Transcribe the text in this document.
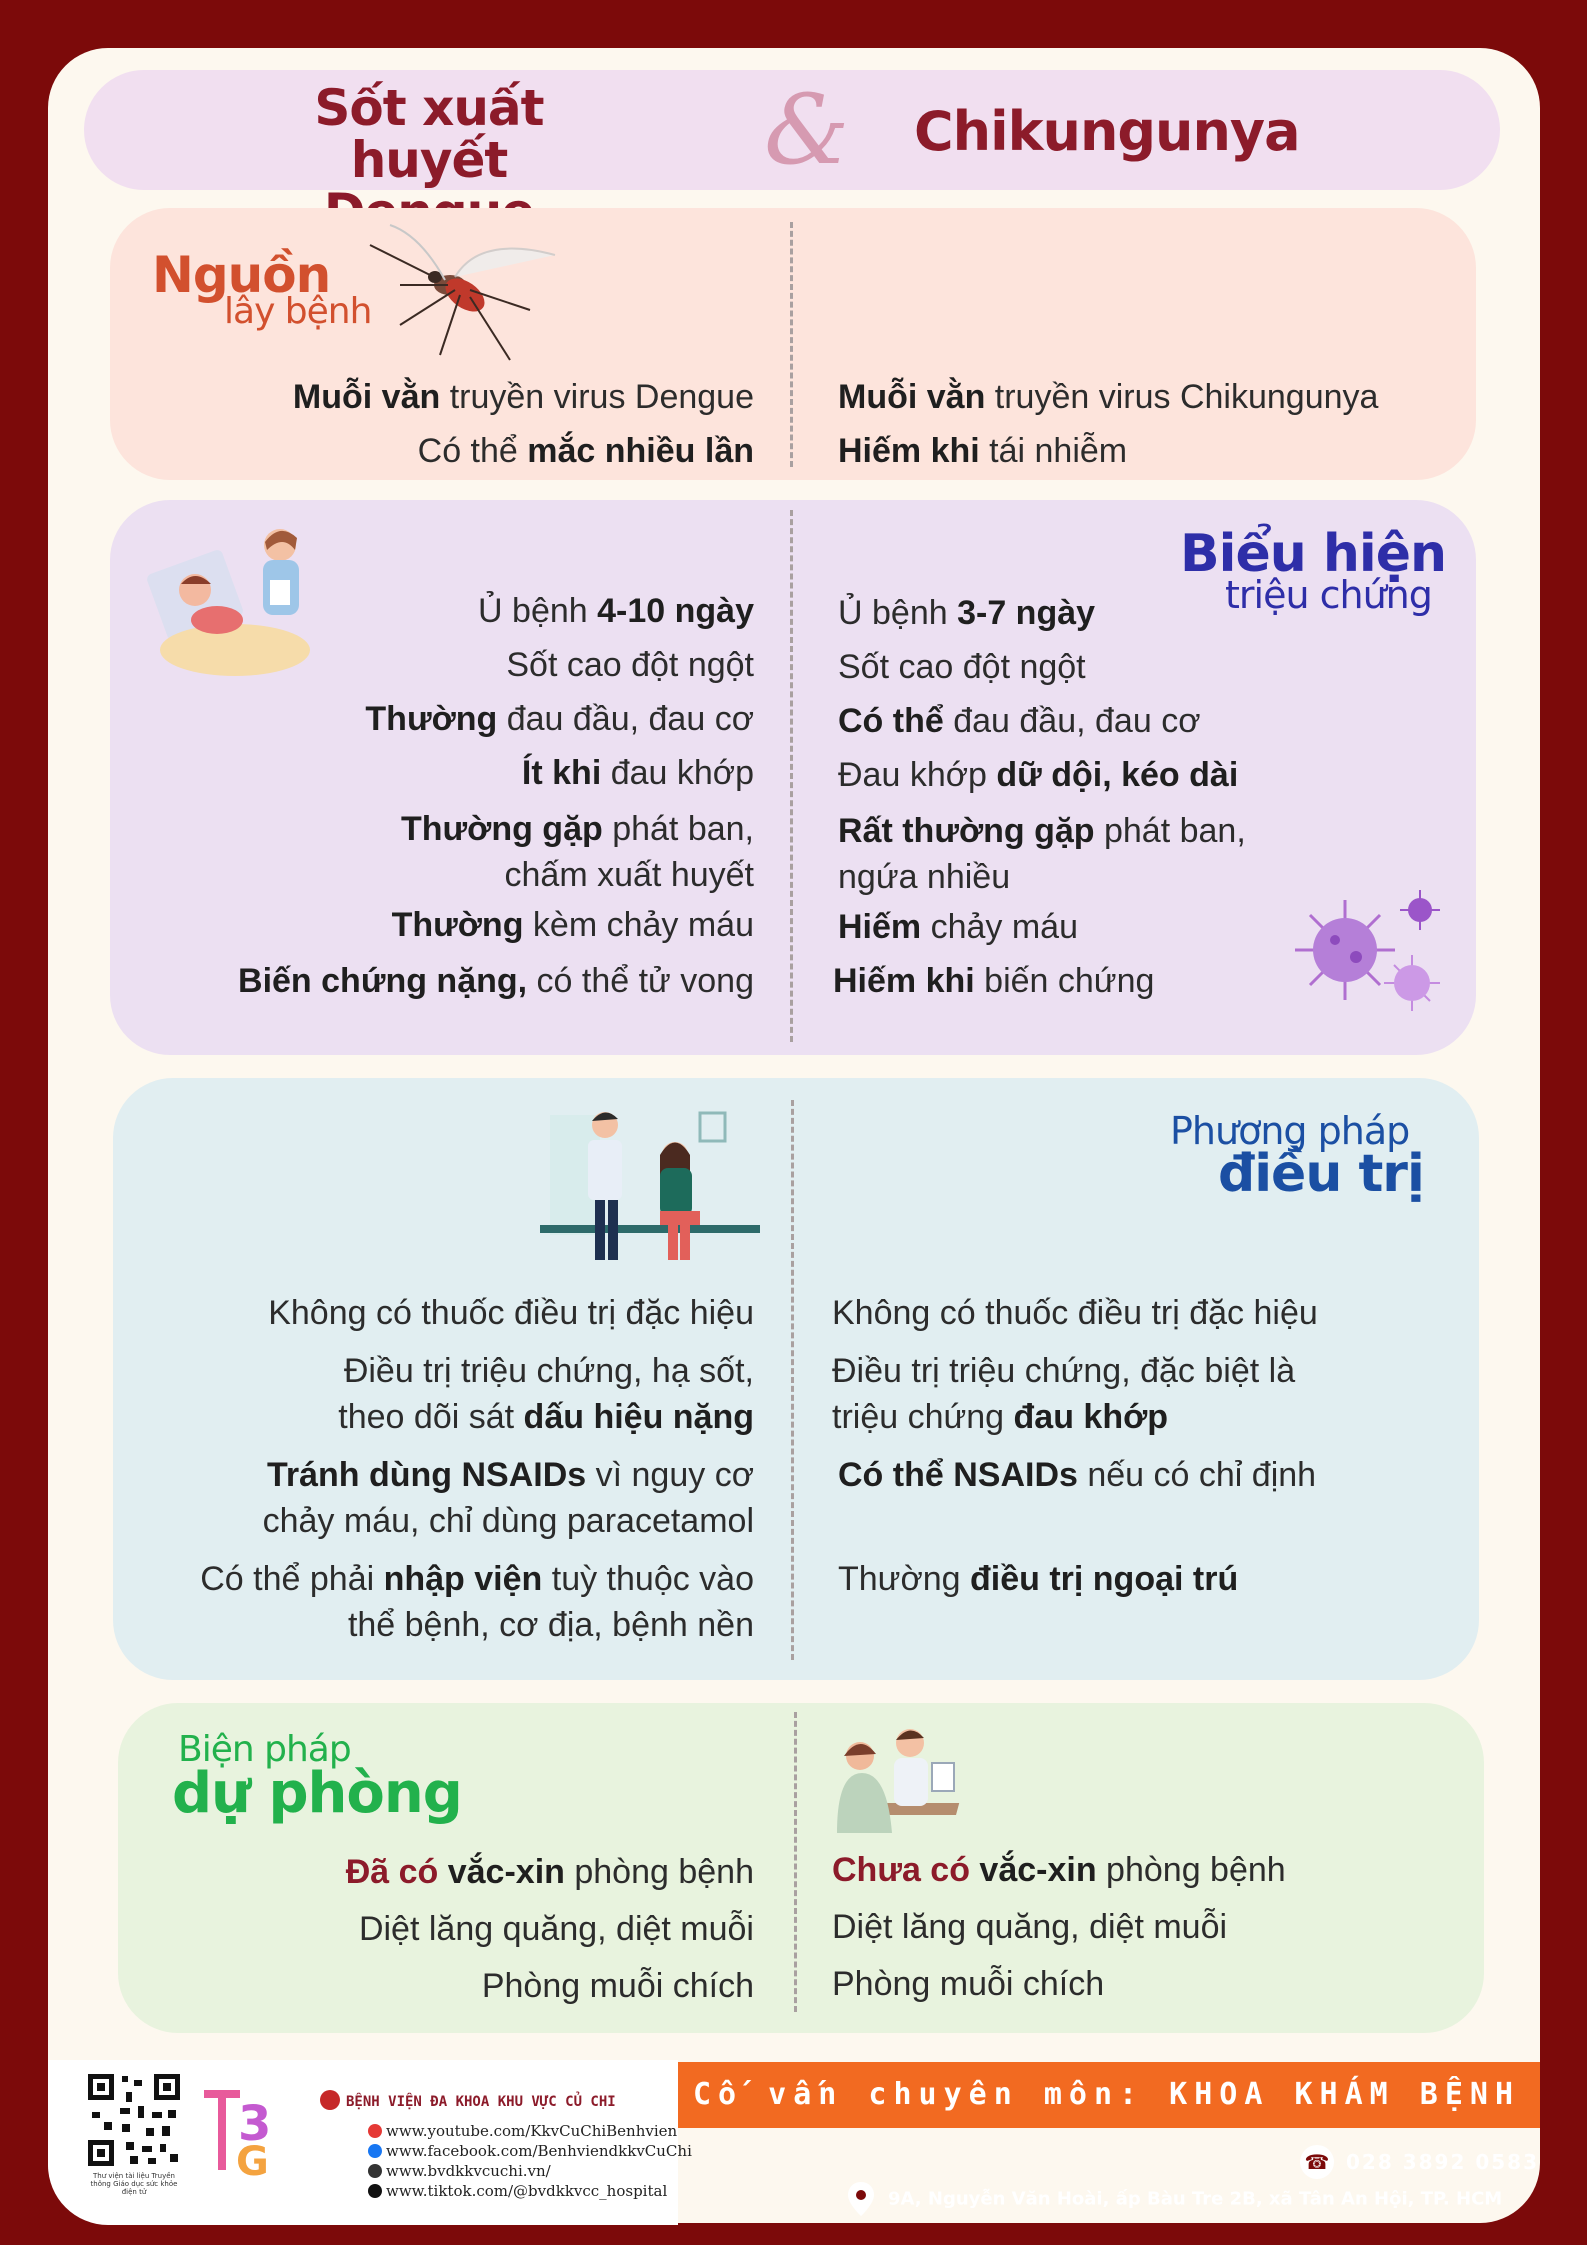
Sốt xuất huyết	& Chikungunya
Nguồn
lây bệnh
Muỗi vằn truyền virus Dengue
Có thể mắc nhiều lần
Muỗi vằn truyền virus Chikungunya
Hiếm khi tái nhiễm
Biểu hiện
triệu chứng
Ủ bệnh 4-10 ngày
Sốt cao đột ngột
Thường đau đầu, đau cơ
Ít khi đau khớp
Thường gặp phát ban,
chấm xuất huyết
Thường kèm chảy máu
Biến chứng nặng, có thể tử vong
Ủ bệnh 3-7 ngày
Sốt cao đột ngột
Có thể đau đầu, đau cơ
Đau khớp dữ dội, kéo dài
Rất thường gặp phát ban,
ngứa nhiều
Hiếm chảy máu
Hiếm khi biến chứng
Phương pháp
điều trị
Không có thuốc điều trị đặc hiệu
Điều trị triệu chứng, hạ sốt,
theo dõi sát dấu hiệu nặng
Tránh dùng NSAIDs vì nguy cơ
chảy máu, chỉ dùng paracetamol
Có thể phải nhập viện tuỳ thuộc vào
thể bệnh, cơ địa, bệnh nền
Không có thuốc điều trị đặc hiệu
Điều trị triệu chứng, đặc biệt là
triệu chứng đau khớp
Có thể NSAIDs nếu có chỉ định
Thường điều trị ngoại trú
Biện pháp
dự phòng
Đã có vắc-xin phòng bệnh
Diệt lăng quăng, diệt muỗi
Phòng muỗi chích
Chưa có vắc-xin phòng bệnh
Diệt lăng quăng, diệt muỗi
Phòng muỗi chích
Thư viện tài liệu Truyền thông Giáo dục sức khỏe điện tử
3
G
BỆNH VIỆN ĐA KHOA KHU VỰC CỦ CHI
www.youtube.com/KkvCuChiBenhvien
www.facebook.com/BenhviendkkvCuChi
www.bvdkkvcuchi.vn/
www.tiktok.com/@bvdkkvcc_hospital
Cố vấn chuyên môn: KHOA KHÁM BỆNH
☎ 028 3892 0583
9A, Nguyễn Văn Hoài, ấp Bàu Tre 2B, xã Tân An Hội, TP. HCM
